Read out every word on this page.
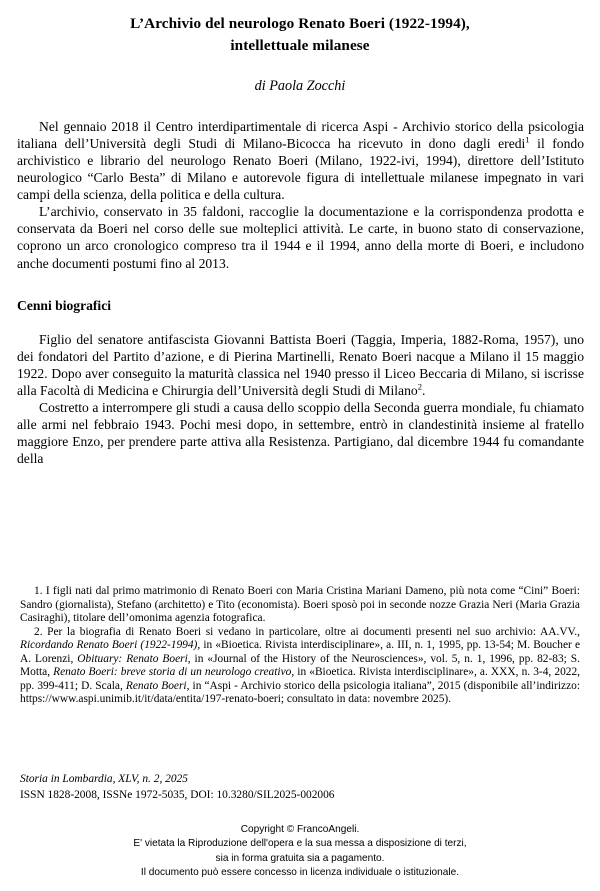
L’Archivio del neurologo Renato Boeri (1922-1994),
intellettuale milanese

di Paola Zocchi

Nel gennaio 2018 il Centro interdipartimentale di ricerca Aspi - Archivio storico della psicologia italiana dell’Università degli Studi di Milano-Bicocca ha ricevuto in dono dagli eredi$^1$ il fondo archivistico e librario del neurologo Renato Boeri (Milano, 1922-ivi, 1994), direttore dell’Istituto neurologico “Carlo Besta” di Milano e autorevole figura di intellettuale milanese impegnato in vari campi della scienza, della politica e della cultura.

L’archivio, conservato in 35 faldoni, raccoglie la documentazione e la corrispondenza prodotta e conservata da Boeri nel corso delle sue molteplici attività. Le carte, in buono stato di conservazione, coprono un arco cronologico compreso tra il 1944 e il 1994, anno della morte di Boeri, e includono anche documenti postumi fino al 2013.

Cenni biografici

Figlio del senatore antifascista Giovanni Battista Boeri (Taggia, Imperia, 1882-Roma, 1957), uno dei fondatori del Partito d’azione, e di Pierina Martinelli, Renato Boeri nacque a Milano il 15 maggio 1922. Dopo aver conseguito la maturità classica nel 1940 presso il Liceo Beccaria di Milano, si iscrisse alla Facoltà di Medicina e Chirurgia dell’Università degli Studi di Milano$^2$.

Costretto a interrompere gli studi a causa dello scoppio della Seconda guerra mondiale, fu chiamato alle armi nel febbraio 1943. Pochi mesi dopo, in settembre, entrò in clandestinità insieme al fratello maggiore Enzo, per prendere parte attiva alla Resistenza. Partigiano, dal dicembre 1944 fu comandante della

1. I figli nati dal primo matrimonio di Renato Boeri con Maria Cristina Mariani Dameno, più nota come “Cini” Boeri: Sandro (giornalista), Stefano (architetto) e Tito (economista). Boeri sposò poi in seconde nozze Grazia Neri (Maria Grazia Casiraghi), titolare dell’omonima agenzia fotografica.

2. Per la biografia di Renato Boeri si vedano in particolare, oltre ai documenti presenti nel suo archivio: AA.VV., Ricordando Renato Boeri (1922-1994), in «Bioetica. Rivista interdisciplinare», a. III, n. 1, 1995, pp. 13-54; M. Boucher e A. Lorenzi, Obituary: Renato Boeri, in «Journal of the History of the Neurosciences», vol. 5, n. 1, 1996, pp. 82-83; S. Motta, Renato Boeri: breve storia di un neurologo creativo, in «Bioetica. Rivista interdisciplinare», a. XXX, n. 3-4, 2022, pp. 399-411; D. Scala, Renato Boeri, in “Aspi - Archivio storico della psicologia italiana”, 2015 (disponibile all’indirizzo: https://www.aspi.unimib.it/it/data/entita/197-renato-boeri; consultato in data: novembre 2025).

Storia in Lombardia, XLV, n. 2, 2025

ISSN 1828-2008, ISSNe 1972-5035, DOI: 10.3280/SIL2025-002006

Copyright © FrancoAngeli.
E' vietata la Riproduzione dell'opera e la sua messa a disposizione di terzi,
sia in forma gratuita sia a pagamento.
Il documento può essere concesso in licenza individuale o istituzionale.
